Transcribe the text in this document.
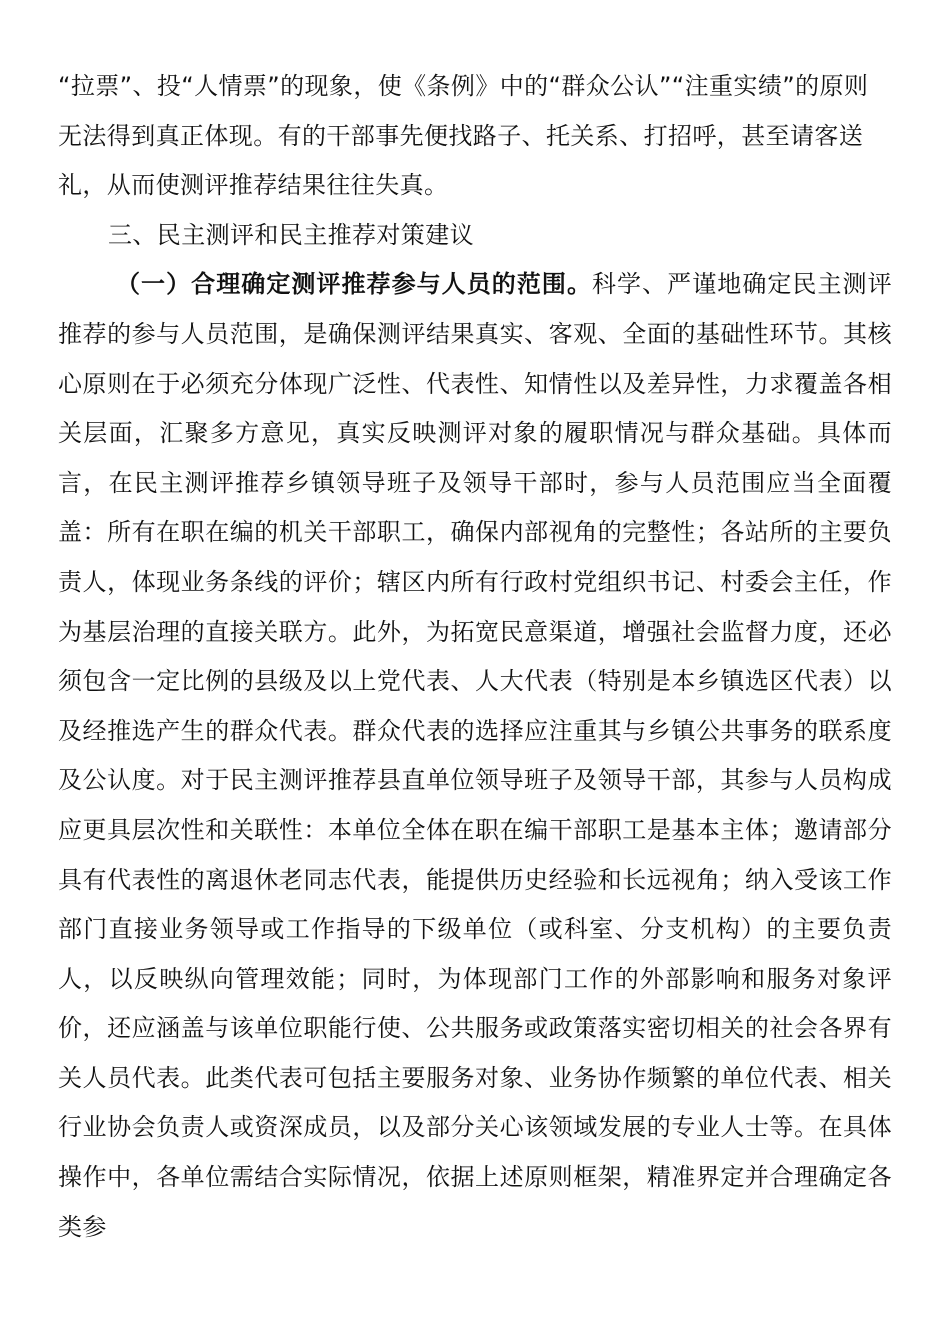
“拉票”、投“人情票”的现象，使《条例》中的“群众公认”“注重实绩”的原则无法得到真正体现。有的干部事先便找路子、托关系、打招呼，甚至请客送礼，从而使测评推荐结果往往失真。

三、民主测评和民主推荐对策建议

（一）合理确定测评推荐参与人员的范围。科学、严谨地确定民主测评推荐的参与人员范围，是确保测评结果真实、客观、全面的基础性环节。其核心原则在于必须充分体现广泛性、代表性、知情性以及差异性，力求覆盖各相关层面，汇聚多方意见，真实反映测评对象的履职情况与群众基础。具体而言，在民主测评推荐乡镇领导班子及领导干部时，参与人员范围应当全面覆盖：所有在职在编的机关干部职工，确保内部视角的完整性；各站所的主要负责人，体现业务条线的评价；辖区内所有行政村党组织书记、村委会主任，作为基层治理的直接关联方。此外，为拓宽民意渠道，增强社会监督力度，还必须包含一定比例的县级及以上党代表、人大代表（特别是本乡镇选区代表）以及经推选产生的群众代表。群众代表的选择应注重其与乡镇公共事务的联系度及公认度。对于民主测评推荐县直单位领导班子及领导干部，其参与人员构成应更具层次性和关联性：本单位全体在职在编干部职工是基本主体；邀请部分具有代表性的离退休老同志代表，能提供历史经验和长远视角；纳入受该工作部门直接业务领导或工作指导的下级单位（或科室、分支机构）的主要负责人，以反映纵向管理效能；同时，为体现部门工作的外部影响和服务对象评价，还应涵盖与该单位职能行使、公共服务或政策落实密切相关的社会各界有关人员代表。此类代表可包括主要服务对象、业务协作频繁的单位代表、相关行业协会负责人或资深成员，以及部分关心该领域发展的专业人士等。在具体操作中，各单位需结合实际情况，依据上述原则框架，精准界定并合理确定各类参
